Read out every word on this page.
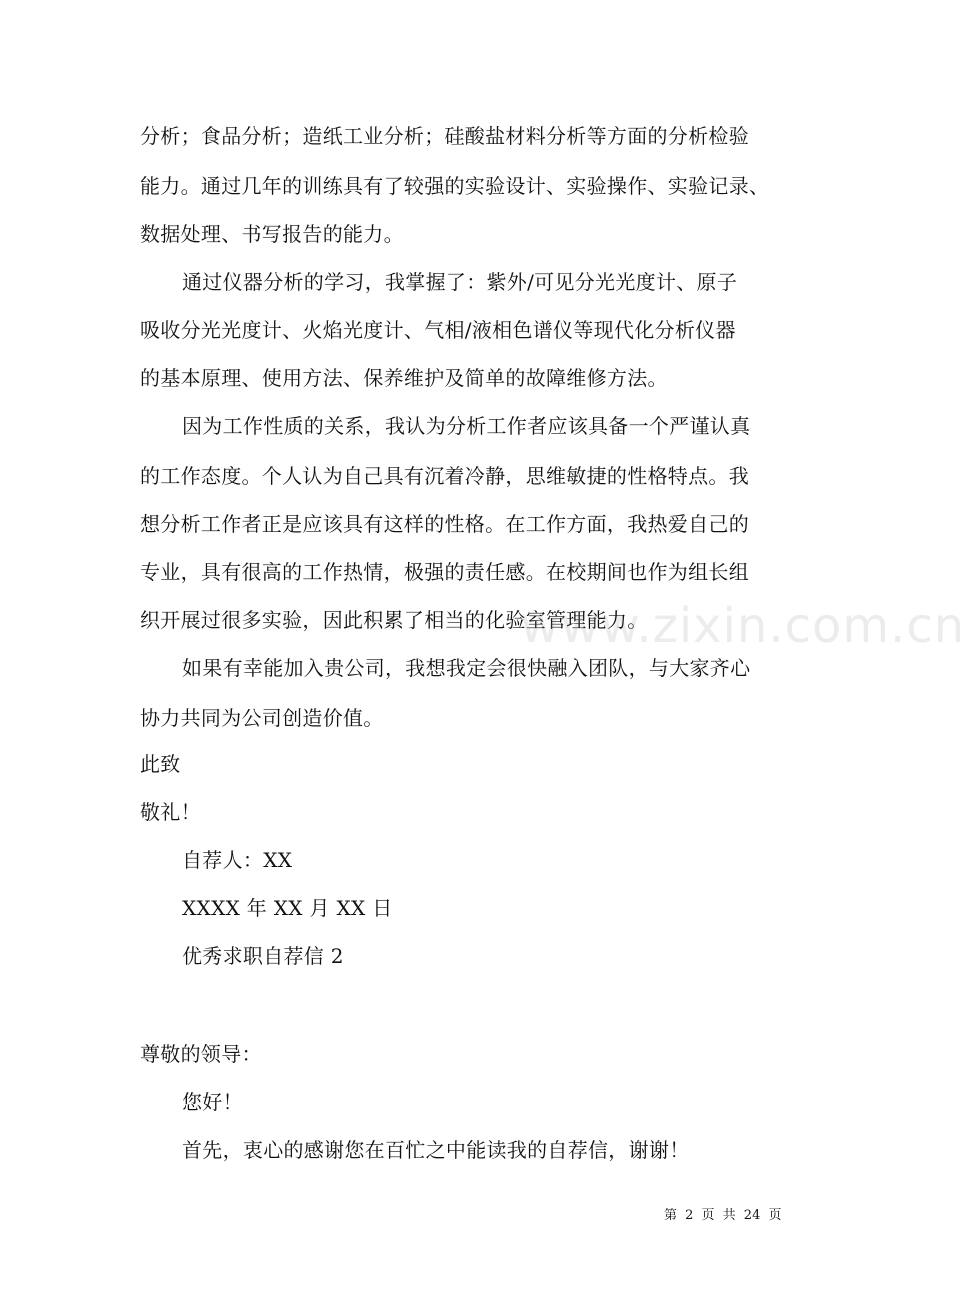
分析；食品分析；造纸工业分析；硅酸盐材料分析等方面的分析检验
能力。通过几年的训练具有了较强的实验设计、实验操作、实验记录、
数据处理、书写报告的能力。
通过仪器分析的学习，我掌握了：紫外/可见分光光度计、原子
吸收分光光度计、火焰光度计、气相/液相色谱仪等现代化分析仪器
的基本原理、使用方法、保养维护及简单的故障维修方法。
因为工作性质的关系，我认为分析工作者应该具备一个严谨认真
的工作态度。个人认为自己具有沉着冷静，思维敏捷的性格特点。我
想分析工作者正是应该具有这样的性格。在工作方面，我热爱自己的
专业，具有很高的工作热情，极强的责任感。在校期间也作为组长组
织开展过很多实验，因此积累了相当的化验室管理能力。
如果有幸能加入贵公司，我想我定会很快融入团队，与大家齐心
协力共同为公司创造价值。
此致
敬礼！
自荐人：XX
XXXX 年 XX 月 XX 日
优秀求职自荐信 2
尊敬的领导：
您好！
首先，衷心的感谢您在百忙之中能读我的自荐信，谢谢！
www.zixin.com.cn
第 2 页 共 24 页
